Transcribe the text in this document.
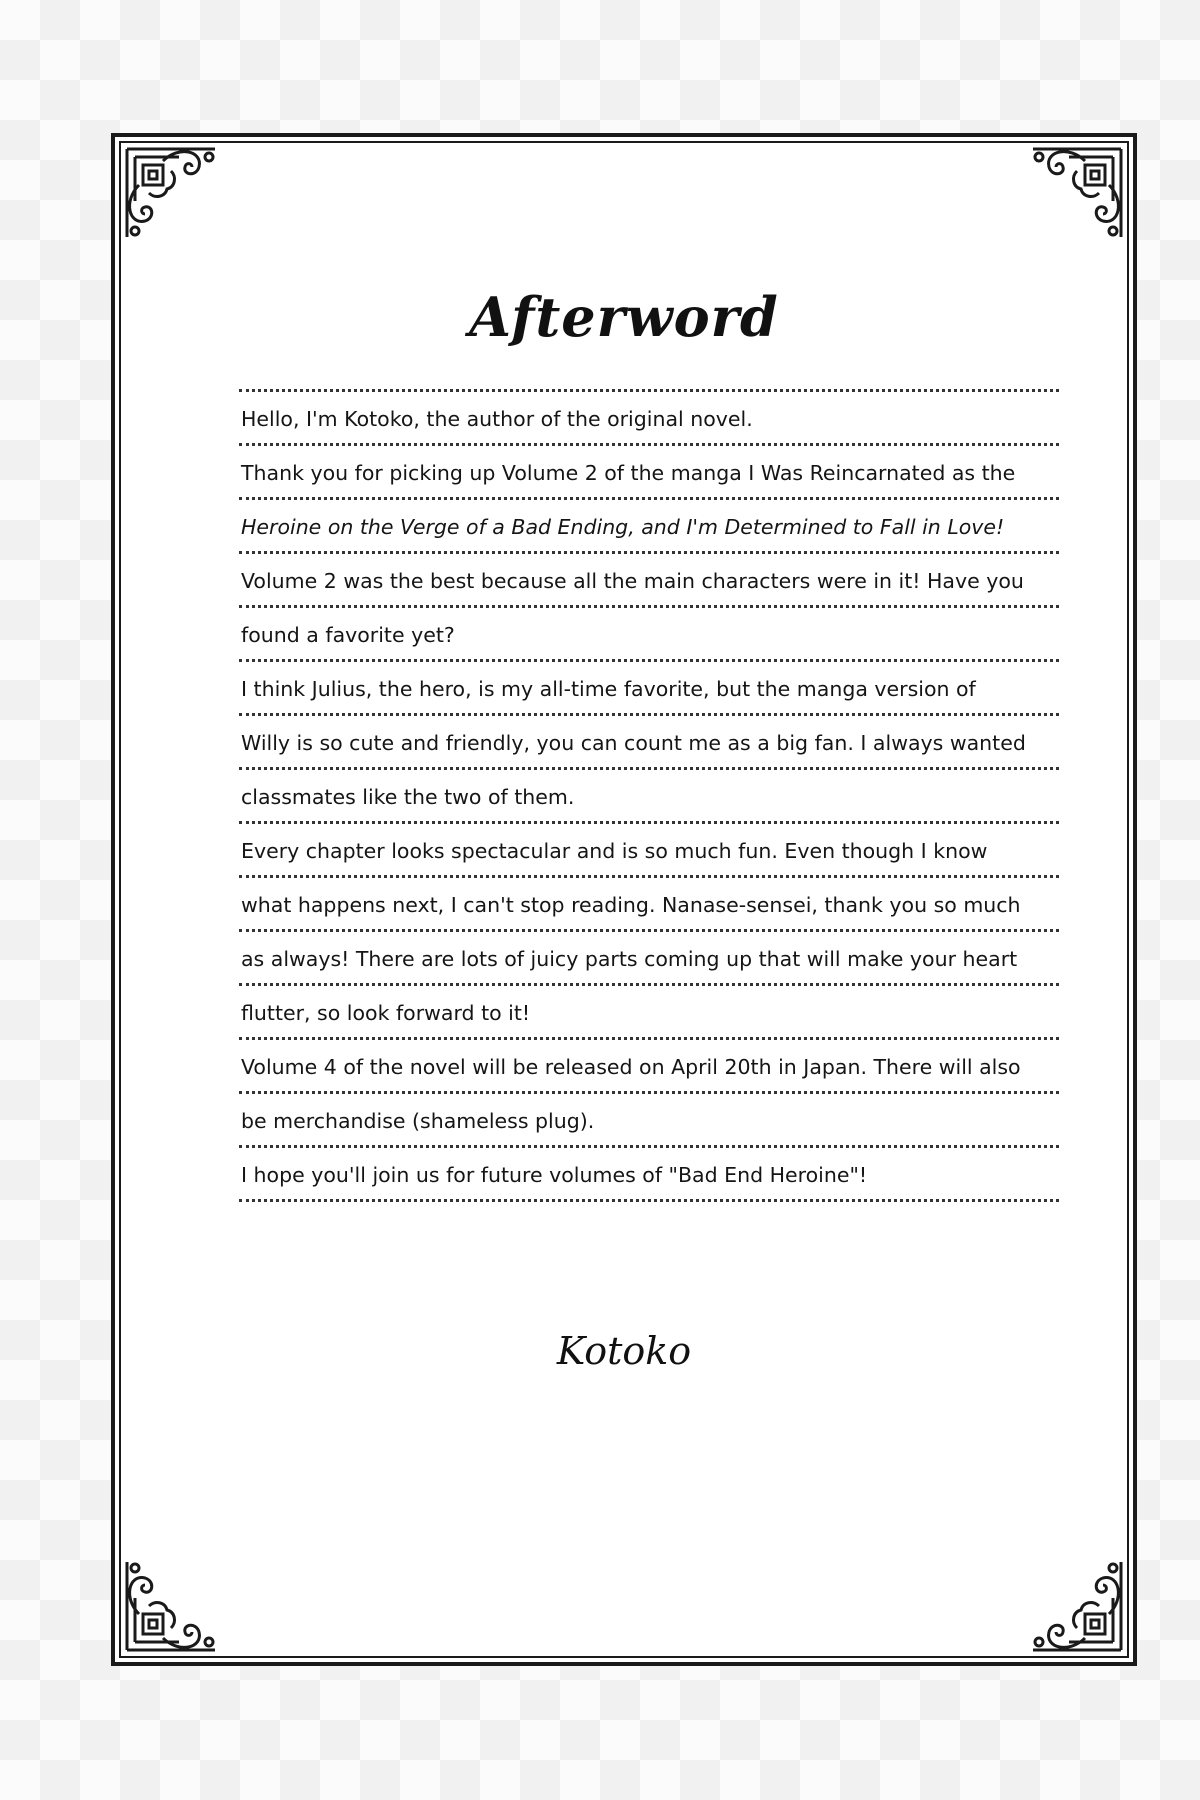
Afterword
Hello, I'm Kotoko, the author of the original novel.
Thank you for picking up Volume 2 of the manga I Was Reincarnated as the
Heroine on the Verge of a Bad Ending, and I'm Determined to Fall in Love!
Volume 2 was the best because all the main characters were in it! Have you
found a favorite yet?
I think Julius, the hero, is my all-time favorite, but the manga version of
Willy is so cute and friendly, you can count me as a big fan. I always wanted
classmates like the two of them.
Every chapter looks spectacular and is so much fun. Even though I know
what happens next, I can't stop reading. Nanase-sensei, thank you so much
as always! There are lots of juicy parts coming up that will make your heart
flutter, so look forward to it!
Volume 4 of the novel will be released on April 20th in Japan. There will also
be merchandise (shameless plug).
I hope you'll join us for future volumes of "Bad End Heroine"!
Kotoko
